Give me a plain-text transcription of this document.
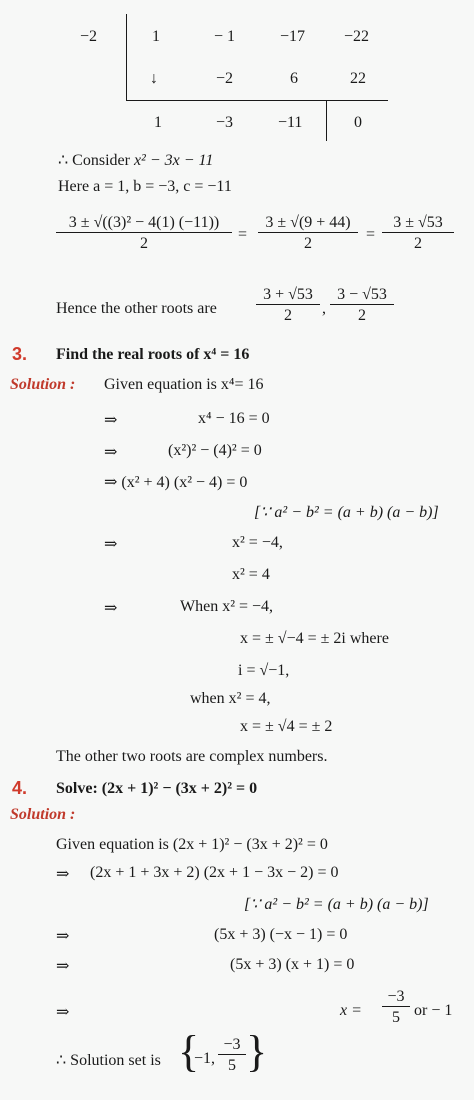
−2	1	− 1	−17 −22
↓	−2	6	22
1	−3	−11	0
∴ Consider x² − 3x − 11
Here a = 1, b = −3, c = −11
$\frac{\text{3 ± √((3)² − 4(1) (−11))}}{2} = \frac{3 \pm √(9 + 44)}{2} = \frac{3 \pm √53}{2}$
Hence the other roots are $\frac{3 + √53}{2}$ , $\frac{3 - √53}{2}$
3. Find the real roots of x⁴ = 16
Solution : Given equation is x⁴= 16
⇒	x⁴ − 16 = 0
⇒	(x²)² − (4)² = 0
⇒ (x² + 4) (x² − 4) = 0
[∵ a² − b² = (a + b) (a − b)]
⇒	x² = −4,
x² = 4
⇒	When x² = −4,
x = ± √−4 = ± 2i where
i = √−1,
when x² = 4,
x = ± √4 = ± 2
The other two roots are complex numbers.
4. Solve: (2x + 1)² − (3x + 2)² = 0
Solution :
Given equation is (2x + 1)² − (3x + 2)² = 0
⇒ (2x + 1 + 3x + 2) (2x + 1 − 3x − 2) = 0
[∵ a² − b² = (a + b) (a − b)]
⇒	(5x + 3) (−x − 1) = 0
⇒	(5x + 3) (x + 1) = 0
⇒	$x = \frac{-3}{5}$ or − 1
∴ Solution set is {
−1, $\frac{-3}{5}$ }
